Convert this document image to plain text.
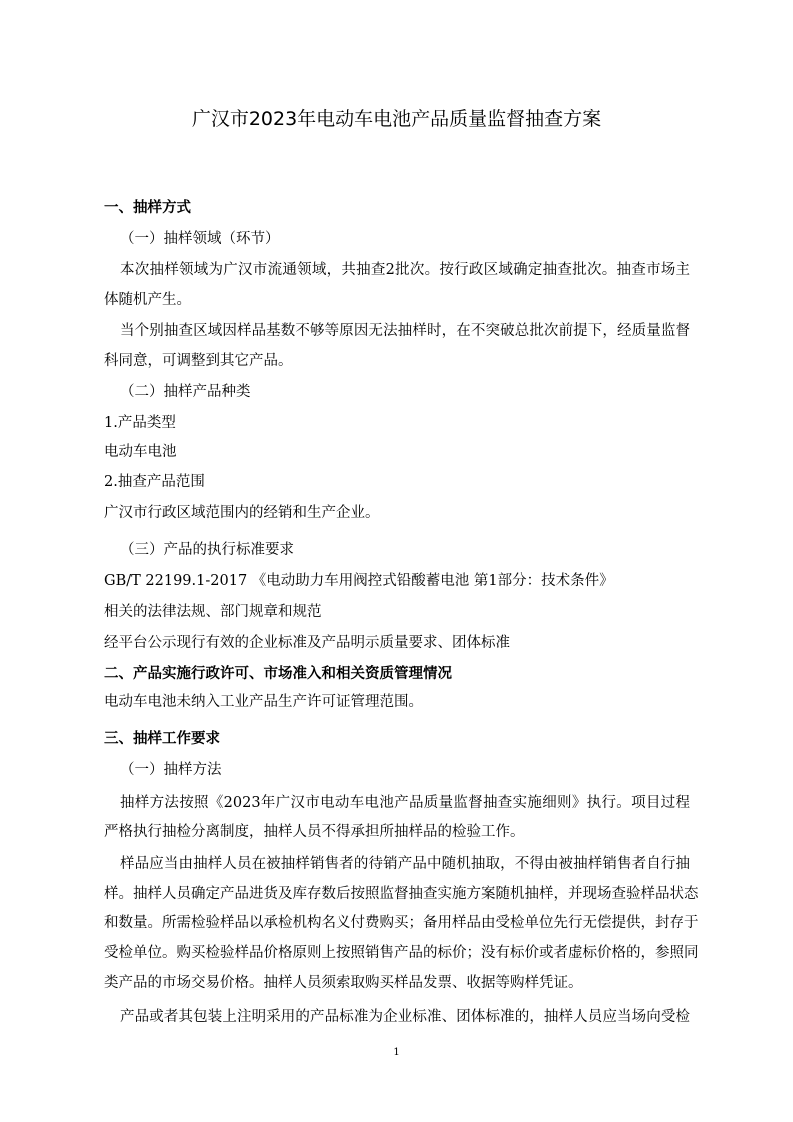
广汉市2023年电动车电池产品质量监督抽查方案
一、抽样方式
（一）抽样领域（环节）
本次抽样领域为广汉市流通领域，共抽查2批次。按行政区域确定抽查批次。抽查市场主
体随机产生。
当个别抽查区域因样品基数不够等原因无法抽样时，在不突破总批次前提下，经质量监督
科同意，可调整到其它产品。
（二）抽样产品种类
1.产品类型
电动车电池
2.抽查产品范围
广汉市行政区域范围内的经销和生产企业。
（三）产品的执行标准要求
GB/T 22199.1-2017 《电动助力车用阀控式铅酸蓄电池 第1部分：技术条件》
相关的法律法规、部门规章和规范
经平台公示现行有效的企业标准及产品明示质量要求、团体标准
二、产品实施行政许可、市场准入和相关资质管理情况
电动车电池未纳入工业产品生产许可证管理范围。
三、抽样工作要求
（一）抽样方法
抽样方法按照《2023年广汉市电动车电池产品质量监督抽查实施细则》执行。项目过程
严格执行抽检分离制度，抽样人员不得承担所抽样品的检验工作。
样品应当由抽样人员在被抽样销售者的待销产品中随机抽取，不得由被抽样销售者自行抽
样。抽样人员确定产品进货及库存数后按照监督抽查实施方案随机抽样，并现场查验样品状态
和数量。所需检验样品以承检机构名义付费购买；备用样品由受检单位先行无偿提供，封存于
受检单位。购买检验样品价格原则上按照销售产品的标价；没有标价或者虚标价格的，参照同
类产品的市场交易价格。抽样人员须索取购买样品发票、收据等购样凭证。
产品或者其包装上注明采用的产品标准为企业标准、团体标准的，抽样人员应当场向受检
1
